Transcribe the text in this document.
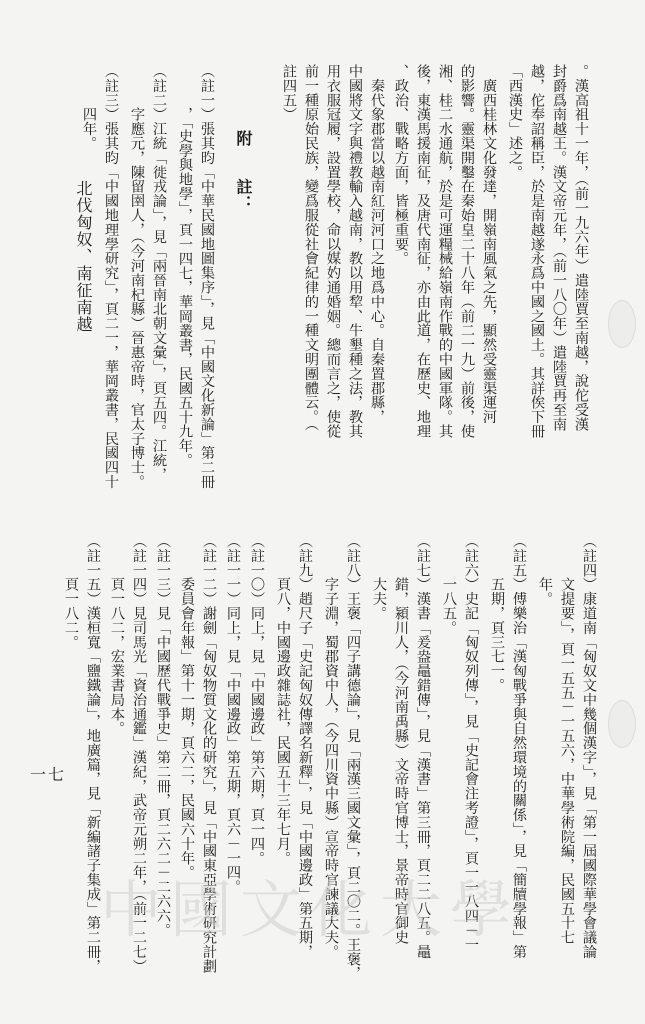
北伐匈奴、南征南越
一七
。漢高祖十一年，（前一九六年）遣陸賈至南越，說佗受漢
封爵爲南越王。漢文帝元年，（前一八〇年）遣陸賈再至南
越，佗奉詔稱臣，於是南越遂永爲中國之國土。其詳俟下冊
「西漢史」述之。
　廣西桂林文化發達，開嶺南風氣之先，顯然受靈渠運河
的影響。靈渠開鑿在秦始皇二十八年（前二一九）前後，使
湘、桂二水通航，於是可運糧械給嶺南作戰的中國軍隊。其
後，東漢馬援南征，及唐代南征，亦由此道，在歷史、地理
、政治、戰略方面，皆極重要。
　秦代象郡當以越南紅河河口之地爲中心。自秦置郡縣，
中國將文字與禮教輸入越南，教以用犂、牛墾種之法，教其
用衣服冠履，設置學校，命以媒妁通婚姻。總而言之，使從
前一種原始民族，變爲服從社會紀律的一種文明團體云。（
註四五）
附　　註：
（註一）張其昀「中華民國地圖集序」，見「中國文化新論」第二冊
　　　，「史學與地學」，頁一四七，華岡叢書，民國五十九年。
（註二）江統「徙戎論」，見「兩晉南北朝文彙」，頁五四。江統，
　　　字應元，陳留圉人，（今河南杞縣）晉惠帝時，官太子博士。
（註三）張其昀「中國地理學研究」，頁二一，華岡叢書，民國四十
　　　四年。
（註四）康道南「匈奴文中幾個漢字」，見「第一屆國際華學會議論
　　　文提要」，頁一五五－一五六，中華學術院編，民國五十七
　　　年。
（註五）傅樂治「漢匈戰爭與自然環境的關係」，見「簡牘學報」第
　　　五期，頁三七一。
（註六）史記「匈奴列傳」，見「史記會注考證」，頁一一八四－一
　　　一八五。
（註七）漢書「爰盎鼂錯傳」，見「漢書」第三冊，頁二二八五。鼂
　　　錯，潁川人，（今河南禹縣）文帝時官博士，景帝時官御史
　　　大夫。
（註八）王褒「四子講德論」，見「兩漢三國文彙」，頁二〇二。王褒，
　　　字子淵，蜀郡資中人，（今四川資中縣）宣帝時官諫議大夫。
（註九）趙尺子「史記匈奴傳譯名新釋」，見「中國邊政」第五期，
　　　頁八，中國邊政雜誌社，民國五十三年七月。
（註一〇）同上，見「中國邊政」第六期，頁一四。
（註一一）同上，見「中國邊政」第五期，頁六－一四。
（註一二）謝劍「匈奴物質文化的研究」，見「中國東亞學術研究計劃
　　　委員會年報」第十一期，頁六二，民國六十年。
（註一三）見「中國歷代戰爭史」第二冊，頁二六二－二六六。
（註一四）見司馬光「資治通鑑」漢紀，武帝元朔二年，（前一二七）
　　　頁一八二，宏業書局本。
（註一五）漢桓寬「鹽鐵論」，地廣篇，見「新編諸子集成」第二冊，
　　　頁一八二。
中國文化大學
